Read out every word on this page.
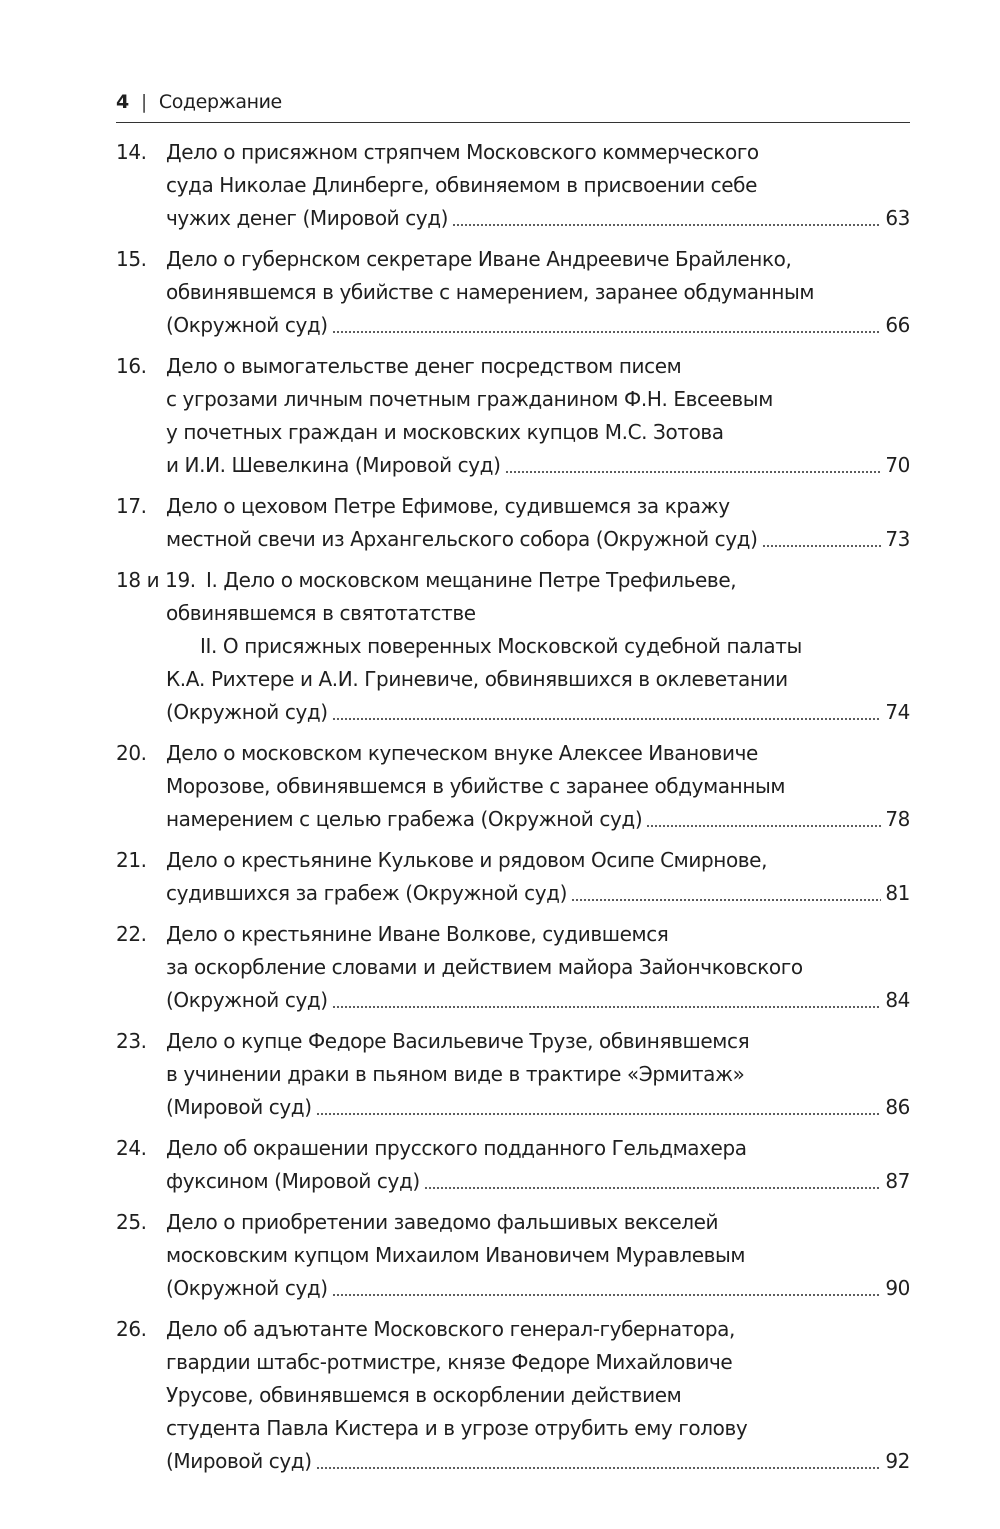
4 | Содержание
14. Дело о присяжном стряпчем Московского коммерческого
суда Николае Длинберге, обвиняемом в присвоении себе
чужих денег (Мировой суд)	63
15. Дело о губернском секретаре Иване Андреевиче Брайленко,
обвинявшемся в убийстве с намерением, заранее обдуманным
(Окружной суд)	66
16. Дело о вымогательстве денег посредством писем
с угрозами личным почетным гражданином Ф.Н. Евсеевым
у почетных граждан и московских купцов М.С. Зотова
и И.И. Шевелкина (Мировой суд)	70
17. Дело о цеховом Петре Ефимове, судившемся за кражу
местной свечи из Архангельского собора (Окружной суд)	73
18 и 19. I. Дело о московском мещанине Петре Трефильеве,
обвинявшемся в святотатстве
II. О присяжных поверенных Московской судебной палаты
К.А. Рихтере и А.И. Гриневиче, обвинявшихся в оклеветании
(Окружной суд)	74
20. Дело о московском купеческом внуке Алексее Ивановиче
Морозове, обвинявшемся в убийстве с заранее обдуманным
намерением с целью грабежа (Окружной суд)	78
21. Дело о крестьянине Кулькове и рядовом Осипе Смирнове,
судившихся за грабеж (Окружной суд)	81
22. Дело о крестьянине Иване Волкове, судившемся
за оскорбление словами и действием майора Зайончковского
(Окружной суд)	84
23. Дело о купце Федоре Васильевиче Трузе, обвинявшемся
в учинении драки в пьяном виде в трактире «Эрмитаж»
(Мировой суд)	86
24. Дело об окрашении прусского подданного Гельдмахера
фуксином (Мировой суд)	87
25. Дело о приобретении заведомо фальшивых векселей
московским купцом Михаилом Ивановичем Муравлевым
(Окружной суд)	90
26. Дело об адъютанте Московского генерал-губернатора,
гвардии штабс-ротмистре, князе Федоре Михайловиче
Урусове, обвинявшемся в оскорблении действием
студента Павла Кистера и в угрозе отрубить ему голову
(Мировой суд)	92
